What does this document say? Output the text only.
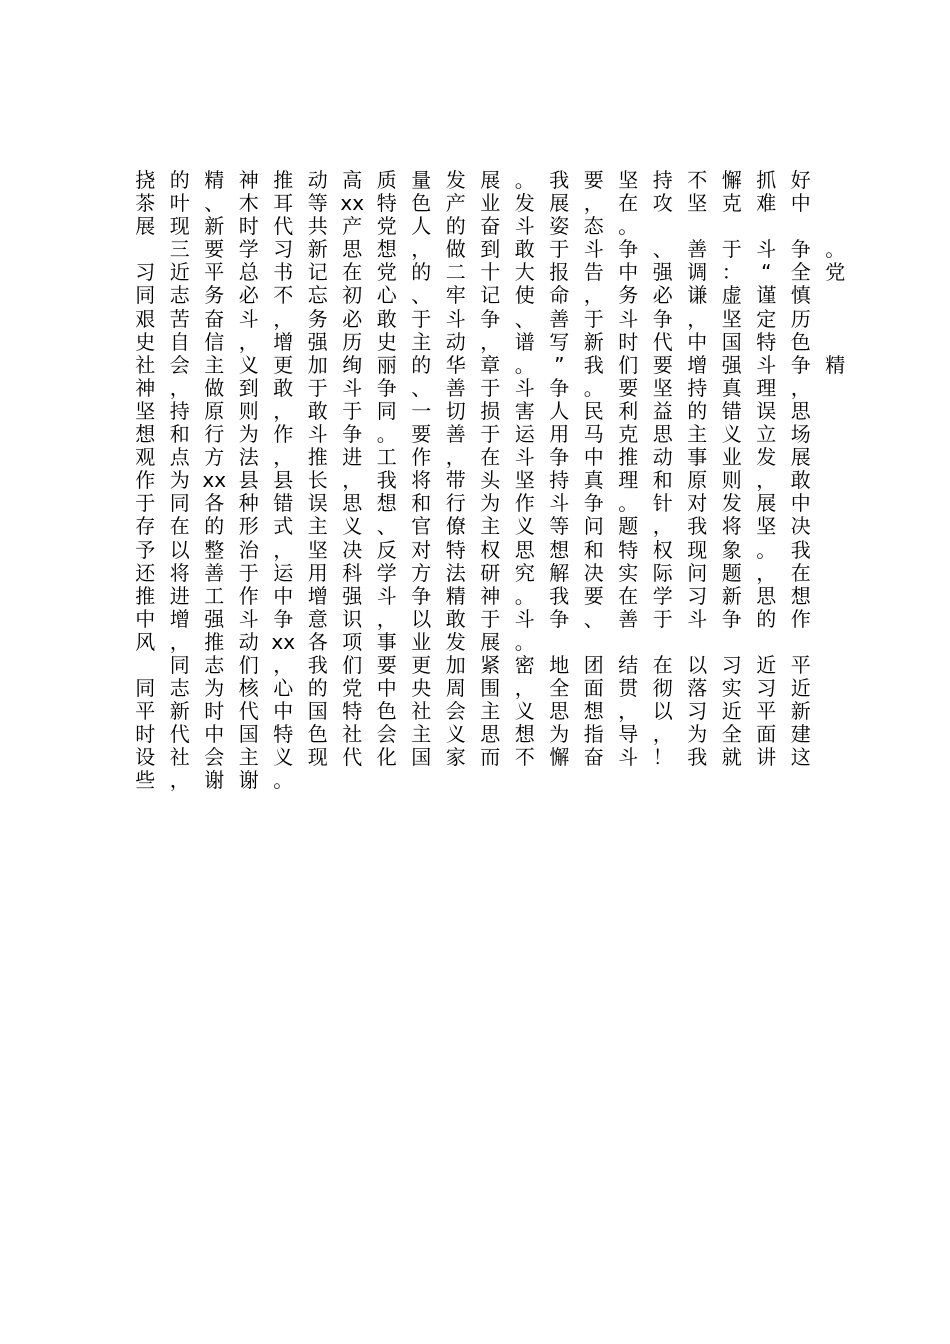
挠 的 精 神 推 动 高 质 量 发 展 。 我 要 坚 持 不 懈 抓 好
茶 叶 、 木 耳 等 xx 特 色 产 业 发 展 ， 在 攻 坚 克 难 中
展 现 新 时 代 共 产 党 人 的 奋 斗 姿 态 。
　三 要 学 习 新 思 想 ， 做 到 敢 于 斗 争 、 善 于 斗 争 。
习 近 平 总 书 记 在 党 的 二 十 大 报 告 中 强 调 ： “ 全 党
同 志 务 必 不 忘 初 心 、 牢 记 使 命 ， 务 必 谦 虚 谨 慎
艰 苦 奋 斗 ， 务 必 敢 于 斗 争 、 善 于 斗 争 ， 坚 定 历
史 自 信 ， 增 强 历 史 主 动 ， 谱 写 新 时 代 中 国 特 色
社 会 主 义 更 加 绚 丽 的 华 章 。 ” 我 们 要 增 强 斗 争 精
神 ， 做 到 敢 于 斗 争 、 善 于 斗 争 。 要 坚 持 真 理 ，
坚 持 原 则 ， 敢 于 同 一 切 损 害 人 民 利 益 的 错 误 思
想 和 行 为 作 斗 争 。 要 善 于 运 用 马 克 思 主 义 立 场
观 点 方 法 ， 推 进 工 作 ， 在 斗 争 中 推 动 事 业 发 展
作 为 xx 县 县 长 ， 我 将 带 头 坚 持 真 理 和 原 则 ， 敢
于 同 各 种 错 误 思 想 和 行 为 作 斗 争 。 针 对 发 展 中
存 在 的 形 式 主 义 、 官 僚 主 义 等 问 题 ， 我 将 坚 决
予 以 整 治 ， 坚 决 反 对 特 权 思 想 和 特 权 现 象 。 我
还 将 善 于 运 用 科 学 方 法 研 究 解 决 实 际 问 题 ， 在
推 进 工 作 中 增 强 斗 争 精 神 。 我 要 在 学 习 新 思 想
中 增 强 斗 争 意 识 ， 以 敢 于 斗 争 、 善 于 斗 争 的 作
风 ， 推 动 xx 各 项 事 业 发 展 。
　同 志 们 ， 我 们 要 更 加 紧 密 地 团 结 在 以 习 近 平
同 志 为 核 心 的 党 中 央 周 围 ， 全 面 贯 彻 落 实 习 近
平 新 时 代 中 国 特 色 社 会 主 义 思 想 ， 以 习 近 平 新
时 代 中 国 特 色 社 会 主 义 思 想 为 指 导 ， 为 全 面 建
设 社 会 主 义 现 代 化 国 家 而 不 懈 奋 斗 ！ 我 就 讲 这
些 ， 谢 谢 。
